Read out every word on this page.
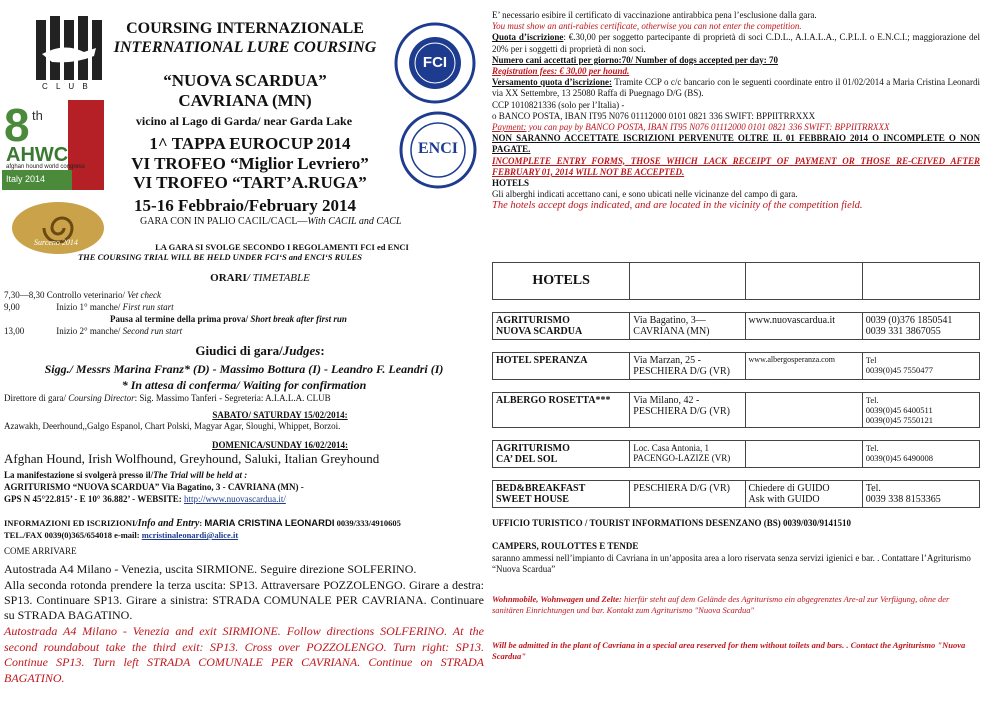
C L U B
8 th
AHWC
afghan hound world congress
Italy 2014
Surceno 2014
FCI
ENCI
COURSING INTERNAZIONALE
INTERNATIONAL LURE COURSING
“NUOVA SCARDUA”
CAVRIANA (MN)
vicino al Lago di Garda/ near Garda Lake
1^ TAPPA EUROCUP 2014
VI TROFEO “Miglior Levriero”
VI TROFEO “TART’A.RUGA”
15-16 Febbraio/February 2014
GARA CON IN PALIO CACIL/CACL—With CACIL and CACL
LA GARA SI SVOLGE SECONDO I REGOLAMENTI FCI ed ENCI
THE COURSING TRIAL WILL BE HELD UNDER FCI‘S and ENCI‘S RULES
ORARI/ TIMETABLE
7,30—8,30 Controllo veterinario/ Vet check
9,00	Inizio 1° manche/ First run start
Pausa al termine della prima prova/ Short break after first run
13,00	Inizio 2° manche/ Second run start
Giudici di gara/Judges:
Sigg./ Messrs Marina Franz* (D) - Massimo Bottura (I) - Leandro F. Leandri (I)
* In attesa di conferma/ Waiting for confirmation
Direttore di gara/ Coursing Director: Sig. Massimo Tanferi - Segreteria: A.I.A.L.A. CLUB
SABATO/ SATURDAY 15/02/2014:
Azawakh, Deerhound,,Galgo Espanol, Chart Polski, Magyar Agar, Sloughi, Whippet, Borzoi.
DOMENICA/SUNDAY 16/02/2014:
Afghan Hound, Irish Wolfhound, Greyhound, Saluki, Italian Greyhound
La manifestazione si svolgerà presso il/The Trial will be held at :
AGRITURISMO “NUOVA SCARDUA” Via Bagatino, 3 - CAVRIANA (MN) -
GPS N 45°22.815’ - E 10° 36.882’ - WEBSITE: http://www.nuovascardua.it/
INFORMAZIONI ED ISCRIZIONI/Info and Entry: MARIA CRISTINA LEONARDI 0039/333/4910605
TEL./FAX 0039(0)365/654018 e-mail: mcristinaleonardi@alice.it
COME ARRIVARE
Autostrada A4 Milano - Venezia, uscita SIRMIONE. Seguire direzione SOLFERINO.
Alla seconda rotonda prendere la terza uscita: SP13. Attraversare POZZOLENGO. Girare a destra: SP13. Continuare SP13. Girare a sinistra: STRADA COMUNALE PER CAVRIANA. Continuare su STRADA BAGATINO.
Autostrada A4 Milano - Venezia and exit SIRMIONE. Follow directions SOLFERINO. At the second roundabout take the third exit: SP13. Cross over POZZOLENGO. Turn right: SP13. Continue SP13. Turn left STRADA COMUNALE PER CAVRIANA. Continue on STRADA BAGATINO.
E’ necessario esibire il certificato di vaccinazione antirabbica pena l’esclusione dalla gara.
You must show an anti-rabies certificate, otherwise you can not enter the competition.
Quota d’iscrizione: €.30,00 per soggetto partecipante di proprietà di soci C.D.L., A.I.A.L.A., C.P.L.I. o E.N.C.I.; maggiorazione del 20% per i soggetti di proprietà di non soci.
Numero cani accettati per giorno:70/ Number of dogs accepted per day: 70
Registration fees: € 30,00 per hound.
Versamento quota d’iscrizione: Tramite CCP o c/c bancario con le seguenti coordinate entro il 01/02/2014 a Maria Cristina Leonardi via XX Settembre, 13 25080 Raffa di Puegnago D/G (BS).
CCP 1010821336 (solo per l’Italia) -
o BANCO POSTA, IBAN IT95 N076 01112000 0101 0821 336 SWIFT: BPPIITRRXXX
Payment: you can pay by BANCO POSTA, IBAN IT95 N076 01112000 0101 0821 336 SWIFT: BPPIITRRXXX
NON SARANNO ACCETTATE ISCRIZIONI PERVENUTE OLTRE IL 01 FEBBRAIO 2014 O INCOMPLETE O NON PAGATE.
INCOMPLETE ENTRY FORMS, THOSE WHICH LACK RECEIPT OF PAYMENT OR THOSE RE-CEIVED AFTER FEBRUARY 01, 2014 WILL NOT BE ACCEPTED.
HOTELS
Gli alberghi indicati accettano cani, e sono ubicati nelle vicinanze del campo di gara.
The hotels accept dogs indicated, and are located in the vicinity of the competition field.
HOTELS			

AGRITURISMO
NUOVA SCARDUA	Via Bagatino, 3—
CAVRIANA (MN)	www.nuovascardua.it	0039 (0)376 1850541
0039 331 3867055

HOTEL SPERANZA	Via Marzan, 25 -
PESCHIERA D/G (VR)	www.albergosperanza.com	Tel
0039(0)45 7550477

ALBERGO ROSETTA***	Via Milano, 42 -
PESCHIERA D/G (VR)		Tel.
0039(0)45 6400511
0039(0)45 7550121

AGRITURISMO
CA’ DEL SOL	Loc. Casa Antonia, 1
PACENGO-LAZIZE (VR)		Tel.
0039(0)45 6490008

BED&BREAKFAST
SWEET HOUSE	PESCHIERA D/G (VR)	Chiedere di GUIDO
Ask with GUIDO	Tel.
0039 338 8153365
UFFICIO TURISTICO / TOURIST INFORMATIONS DESENZANO (BS) 0039/030/9141510
CAMPERS, ROULOTTES E TENDE
saranno ammessi nell’impianto di Cavriana in un’apposita area a loro riservata senza servizi igienici e bar. . Contattare l’Agriturismo “Nuova Scardua”
Wohnmobile, Wohnwagen und Zelte: hierfür steht auf dem Gelände des Agriturismo ein abgegrenztes Are-al zur Verfügung, ohne der sanitären Einrichtungen und bar. Kontakt zum Agriturismo "Nuova Scardua"
Will be admitted in the plant of Cavriana in a special area reserved for them without toilets and bars. . Contact the Agriturismo "Nuova Scardua"
